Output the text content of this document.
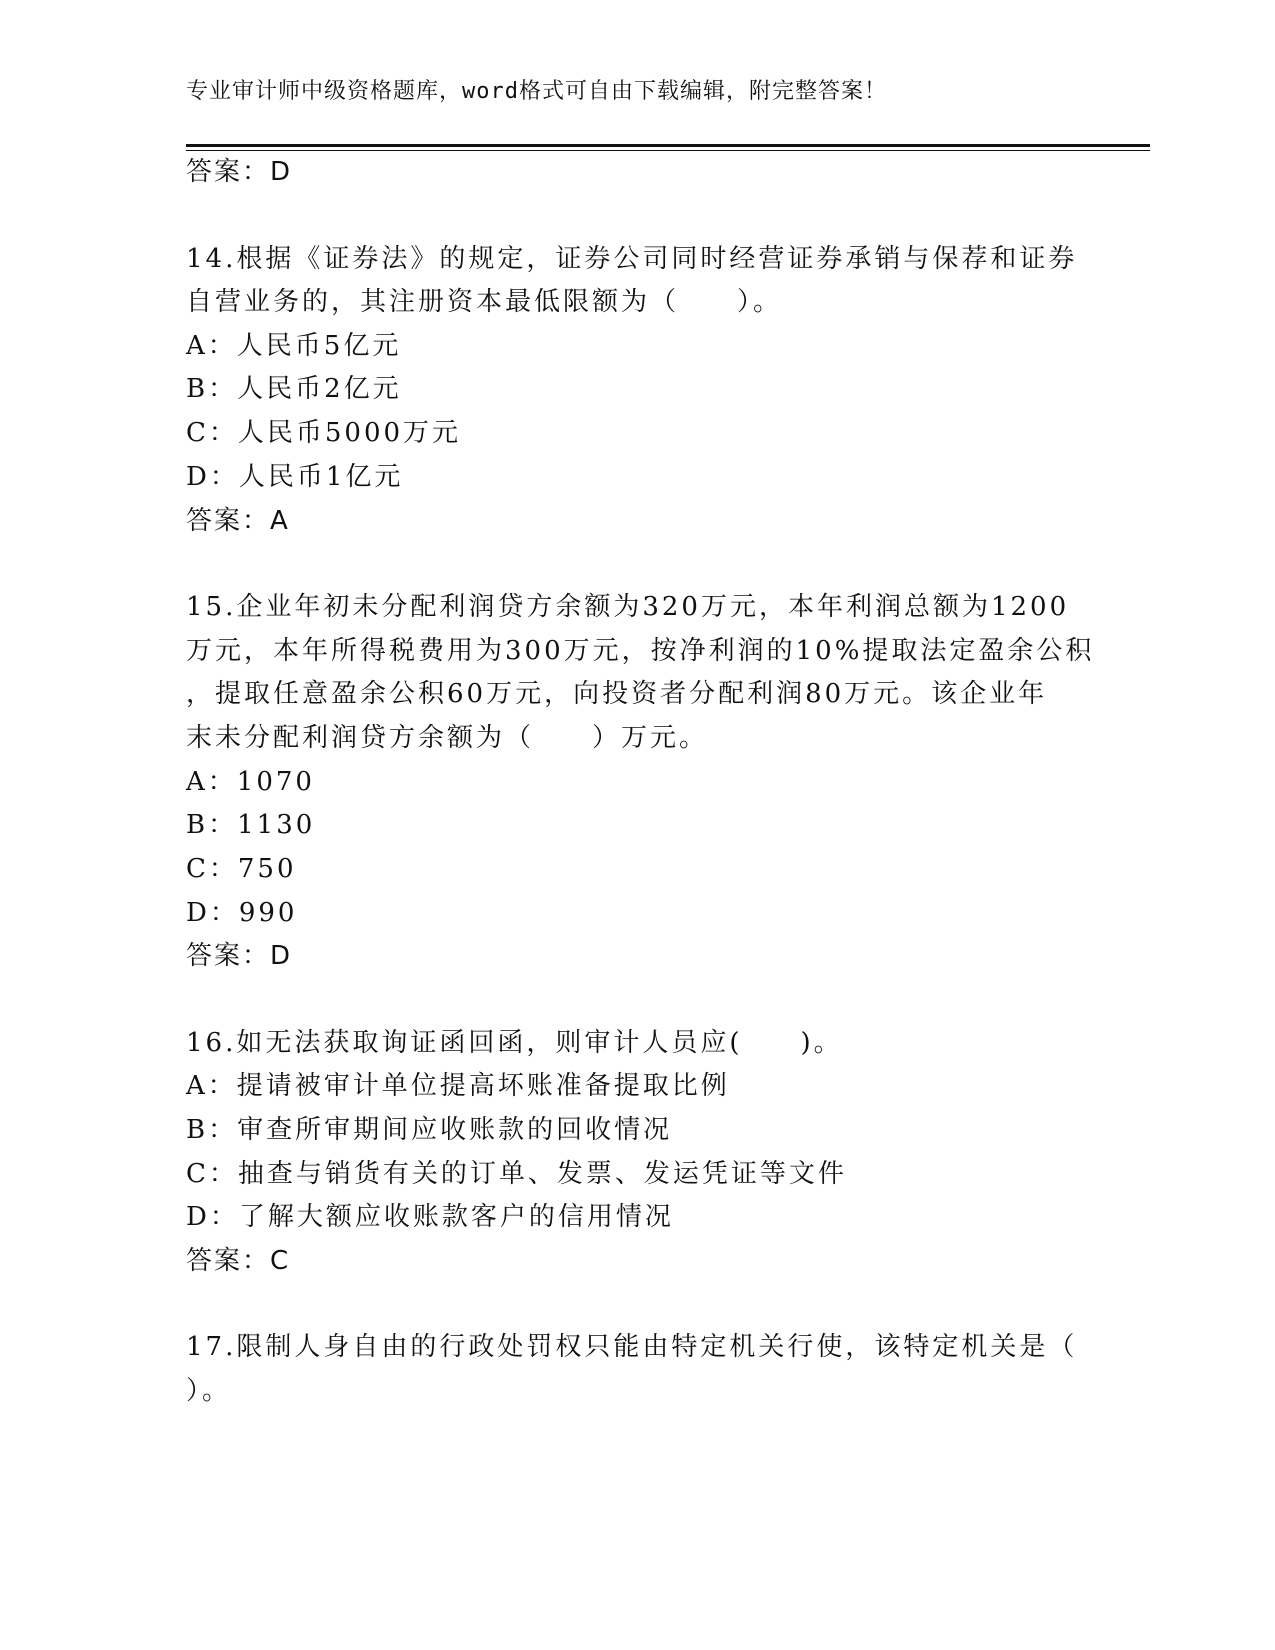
专业审计师中级资格题库，word格式可自由下载编辑，附完整答案！
答案：D
14.根据《证券法》的规定，证券公司同时经营证券承销与保荐和证券
自营业务的，其注册资本最低限额为（　　）。
A：人民币5亿元
B：人民币2亿元
C：人民币5000万元
D：人民币1亿元
答案：A
15.企业年初未分配利润贷方余额为320万元，本年利润总额为1200
万元，本年所得税费用为300万元，按净利润的10%提取法定盈余公积
，提取任意盈余公积60万元，向投资者分配利润80万元。该企业年
末未分配利润贷方余额为（　　）万元。
A：1070
B：1130
C：750
D：990
答案：D
16.如无法获取询证函回函，则审计人员应(　　)。
A：提请被审计单位提高坏账准备提取比例
B：审查所审期间应收账款的回收情况
C：抽查与销货有关的订单、发票、发运凭证等文件
D：了解大额应收账款客户的信用情况
答案：C
17.限制人身自由的行政处罚权只能由特定机关行使，该特定机关是（
）。
